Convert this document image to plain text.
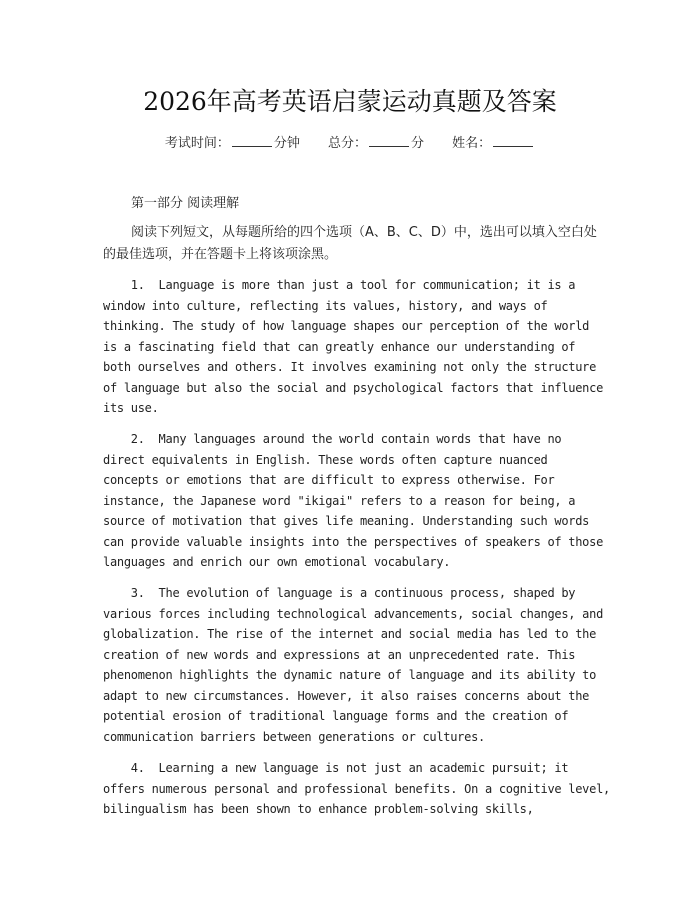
2026年高考英语启蒙运动真题及答案
考试时间：	分钟 总分：	分 姓名：
第一部分 阅读理解

阅读下列短文，从每题所给的四个选项（A、B、C、D）中，选出可以填入空白处的最佳选项，并在答题卡上将该项涂黑。

1.  Language is more than just a tool for communication; it is a
window into culture, reflecting its values, history, and ways of
thinking. The study of how language shapes our perception of the world
is a fascinating field that can greatly enhance our understanding of
both ourselves and others. It involves examining not only the structure
of language but also the social and psychological factors that influence
its use.

2.  Many languages around the world contain words that have no
direct equivalents in English. These words often capture nuanced
concepts or emotions that are difficult to express otherwise. For
instance, the Japanese word "ikigai" refers to a reason for being, a
source of motivation that gives life meaning. Understanding such words
can provide valuable insights into the perspectives of speakers of those
languages and enrich our own emotional vocabulary.

3.  The evolution of language is a continuous process, shaped by
various forces including technological advancements, social changes, and
globalization. The rise of the internet and social media has led to the
creation of new words and expressions at an unprecedented rate. This
phenomenon highlights the dynamic nature of language and its ability to
adapt to new circumstances. However, it also raises concerns about the
potential erosion of traditional language forms and the creation of
communication barriers between generations or cultures.

4.  Learning a new language is not just an academic pursuit; it
offers numerous personal and professional benefits. On a cognitive level,
bilingualism has been shown to enhance problem-solving skills,
